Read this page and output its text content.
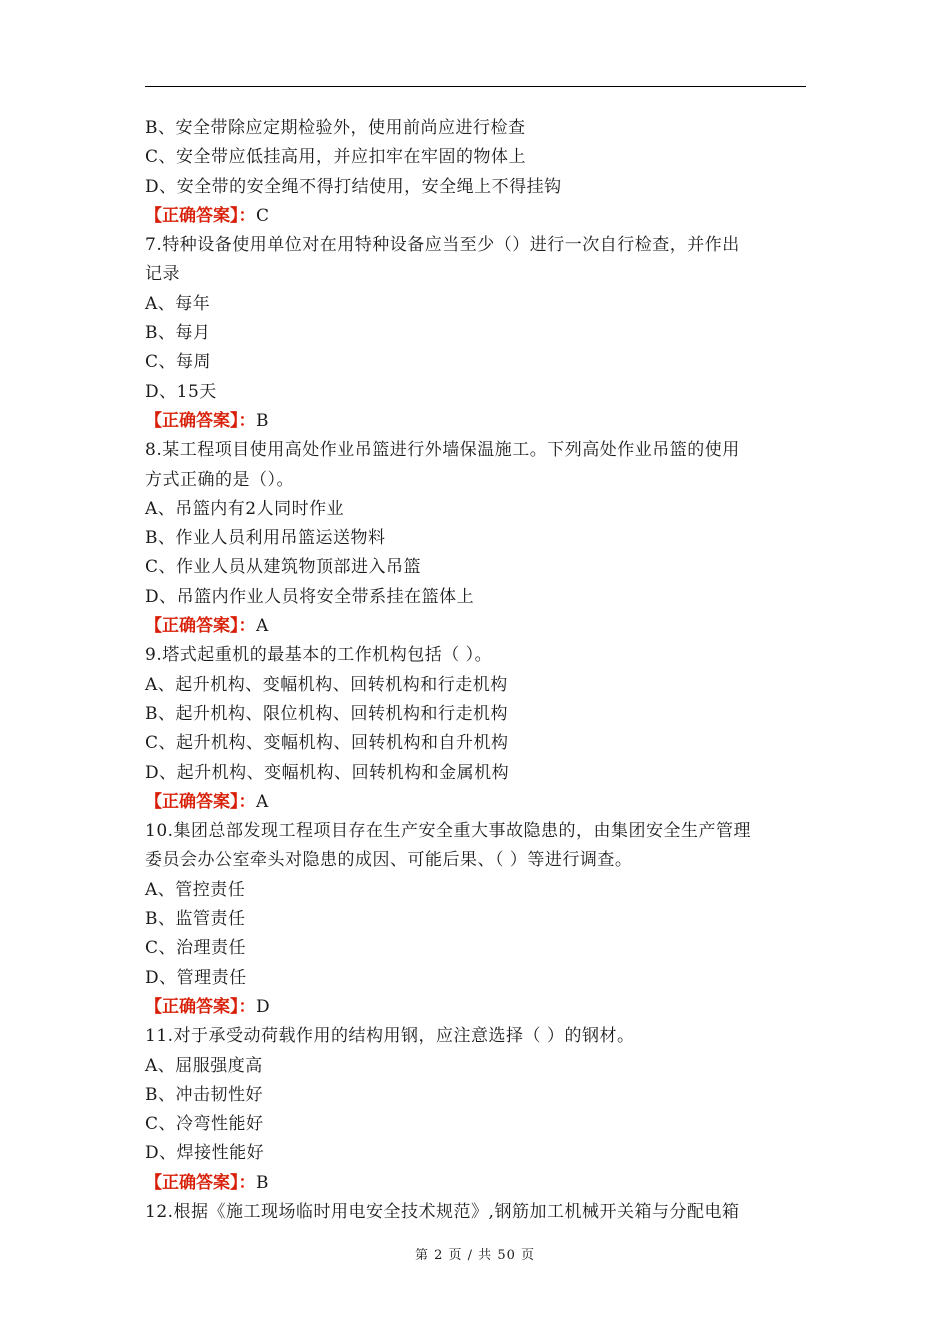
B、安全带除应定期检验外，使用前尚应进行检查
C、安全带应低挂高用，并应扣牢在牢固的物体上
D、安全带的安全绳不得打结使用，安全绳上不得挂钩
【正确答案】：C
7.特种设备使用单位对在用特种设备应当至少（）进行一次自行检查，并作出
记录
A、每年
B、每月
C、每周
D、15天
【正确答案】：B
8.某工程项目使用高处作业吊篮进行外墙保温施工。下列高处作业吊篮的使用
方式正确的是（）。
A、吊篮内有2人同时作业
B、作业人员利用吊篮运送物料
C、作业人员从建筑物顶部进入吊篮
D、吊篮内作业人员将安全带系挂在篮体上
【正确答案】：A
9.塔式起重机的最基本的工作机构包括（ ）。
A、起升机构、变幅机构、回转机构和行走机构
B、起升机构、限位机构、回转机构和行走机构
C、起升机构、变幅机构、回转机构和自升机构
D、起升机构、变幅机构、回转机构和金属机构
【正确答案】：A
10.集团总部发现工程项目存在生产安全重大事故隐患的，由集团安全生产管理
委员会办公室牵头对隐患的成因、可能后果、（ ）等进行调查。
A、管控责任
B、监管责任
C、治理责任
D、管理责任
【正确答案】：D
11.对于承受动荷载作用的结构用钢，应注意选择（ ）的钢材。
A、屈服强度高
B、冲击韧性好
C、冷弯性能好
D、焊接性能好
【正确答案】：B
12.根据《施工现场临时用电安全技术规范》,钢筋加工机械开关箱与分配电箱
第 2 页 / 共 50 页
